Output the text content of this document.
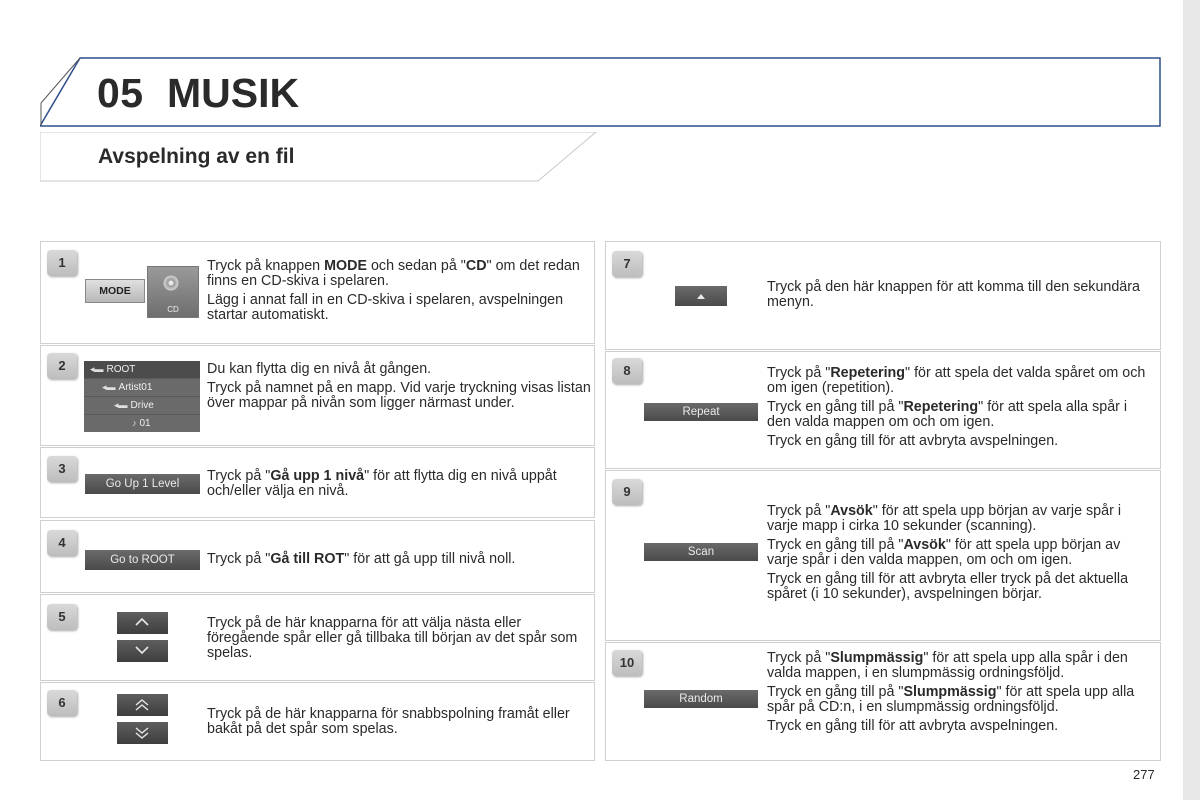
05 MUSIK
Avspelning av en fil
1
MODE
CD

Tryck på knappen MODE och sedan på "CD" om det redan finns en CD-skiva i spelaren.

Lägg i annat fall in en CD-skiva i spelaren, avspelningen startar automatiskt.

2	◂▬ ROOT
◂▬ Artist01
◂▬ Drive
♪ 01

Du kan flytta dig en nivå åt gången.

Tryck på namnet på en mapp. Vid varje tryckning visas listan över mappar på nivån som ligger närmast under.

3
Go Up 1 Level	Tryck på "Gå upp 1 nivå" för att flytta dig en nivå uppåt och/eller välja en nivå.

4
Go to ROOT	Tryck på "Gå till ROT" för att gå upp till nivå noll.

5	Tryck på de här knapparna för att välja nästa eller föregående spår eller gå tillbaka till början av det spår som spelas.

6

Tryck på de här knapparna för snabbspolning framåt eller bakåt på det spår som spelas.

7

Tryck på den här knappen för att komma till den sekundära menyn.

8
Repeat

Tryck på "Repetering" för att spela det valda spåret om och om igen (repetition).

Tryck en gång till på "Repetering" för att spela alla spår i den valda mappen om och om igen.

Tryck en gång till för att avbryta avspelningen.

9
Scan

Tryck på "Avsök" för att spela upp början av varje spår i varje mapp i cirka 10 sekunder (scanning).

Tryck en gång till på "Avsök" för att spela upp början av varje spår i den valda mappen, om och om igen.

Tryck en gång till för att avbryta eller tryck på det aktuella spåret (i 10 sekunder), avspelningen börjar.

10
Random

Tryck på "Slumpmässig" för att spela upp alla spår i den valda mappen, i en slumpmässig ordningsföljd.

Tryck en gång till på "Slumpmässig" för att spela upp alla spår på CD:n, i en slumpmässig ordningsföljd.

Tryck en gång till för att avbryta avspelningen.

277
